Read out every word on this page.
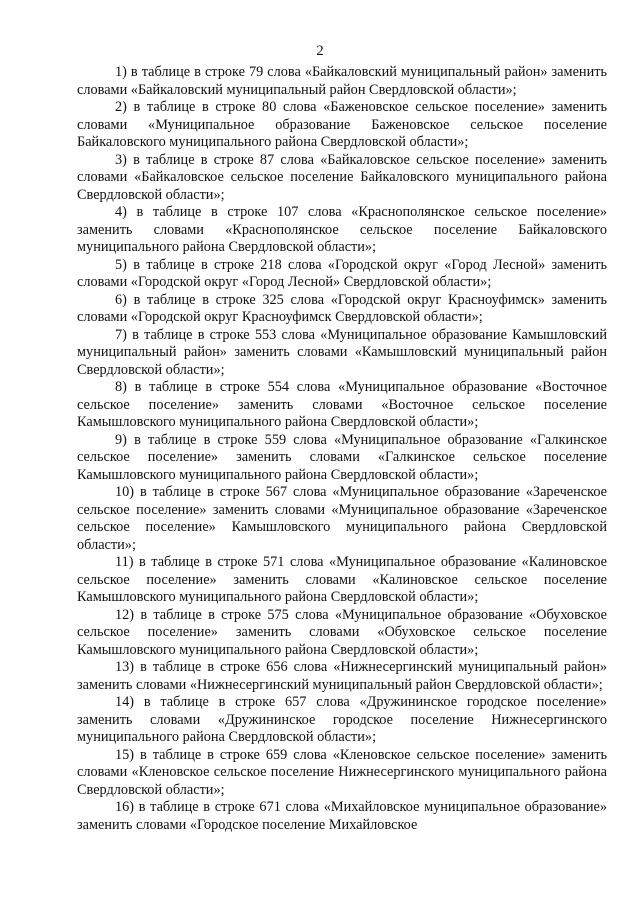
2

1) в таблице в строке 79 слова «Байкаловский муниципальный район» заменить словами «Байкаловский муниципальный район Свердловской области»;

2) в таблице в строке 80 слова «Баженовское сельское поселение» заменить словами «Муниципальное образование Баженовское сельское поселение Байкаловского муниципального района Свердловской области»;

3) в таблице в строке 87 слова «Байкаловское сельское поселение» заменить словами «Байкаловское сельское поселение Байкаловского муниципального района Свердловской области»;

4) в таблице в строке 107 слова «Краснополянское сельское поселение» заменить словами «Краснополянское сельское поселение Байкаловского муниципального района Свердловской области»;

5) в таблице в строке 218 слова «Городской округ «Город Лесной» заменить словами «Городской округ «Город Лесной» Свердловской области»;

6) в таблице в строке 325 слова «Городской округ Красноуфимск» заменить словами «Городской округ Красноуфимск Свердловской области»;

7) в таблице в строке 553 слова «Муниципальное образование Камышловский муниципальный район» заменить словами «Камышловский муниципальный район Свердловской области»;

8) в таблице в строке 554 слова «Муниципальное образование «Восточное сельское поселение» заменить словами «Восточное сельское поселение Камышловского муниципального района Свердловской области»;

9) в таблице в строке 559 слова «Муниципальное образование «Галкинское сельское поселение» заменить словами «Галкинское сельское поселение Камышловского муниципального района Свердловской области»;

10) в таблице в строке 567 слова «Муниципальное образование «Зареченское сельское поселение» заменить словами «Муниципальное образование «Зареченское сельское поселение» Камышловского муниципального района Свердловской области»;

11) в таблице в строке 571 слова «Муниципальное образование «Калиновское сельское поселение» заменить словами «Калиновское сельское поселение Камышловского муниципального района Свердловской области»;

12) в таблице в строке 575 слова «Муниципальное образование «Обуховское сельское поселение» заменить словами «Обуховское сельское поселение Камышловского муниципального района Свердловской области»;

13) в таблице в строке 656 слова «Нижнесергинский муниципальный район» заменить словами «Нижнесергинский муниципальный район Свердловской области»;

14) в таблице в строке 657 слова «Дружининское городское поселение» заменить словами «Дружининское городское поселение Нижнесергинского муниципального района Свердловской области»;

15) в таблице в строке 659 слова «Кленовское сельское поселение» заменить словами «Кленовское сельское поселение Нижнесергинского муниципального района Свердловской области»;

16) в таблице в строке 671 слова «Михайловское муниципальное образование» заменить словами «Городское поселение Михайловское
